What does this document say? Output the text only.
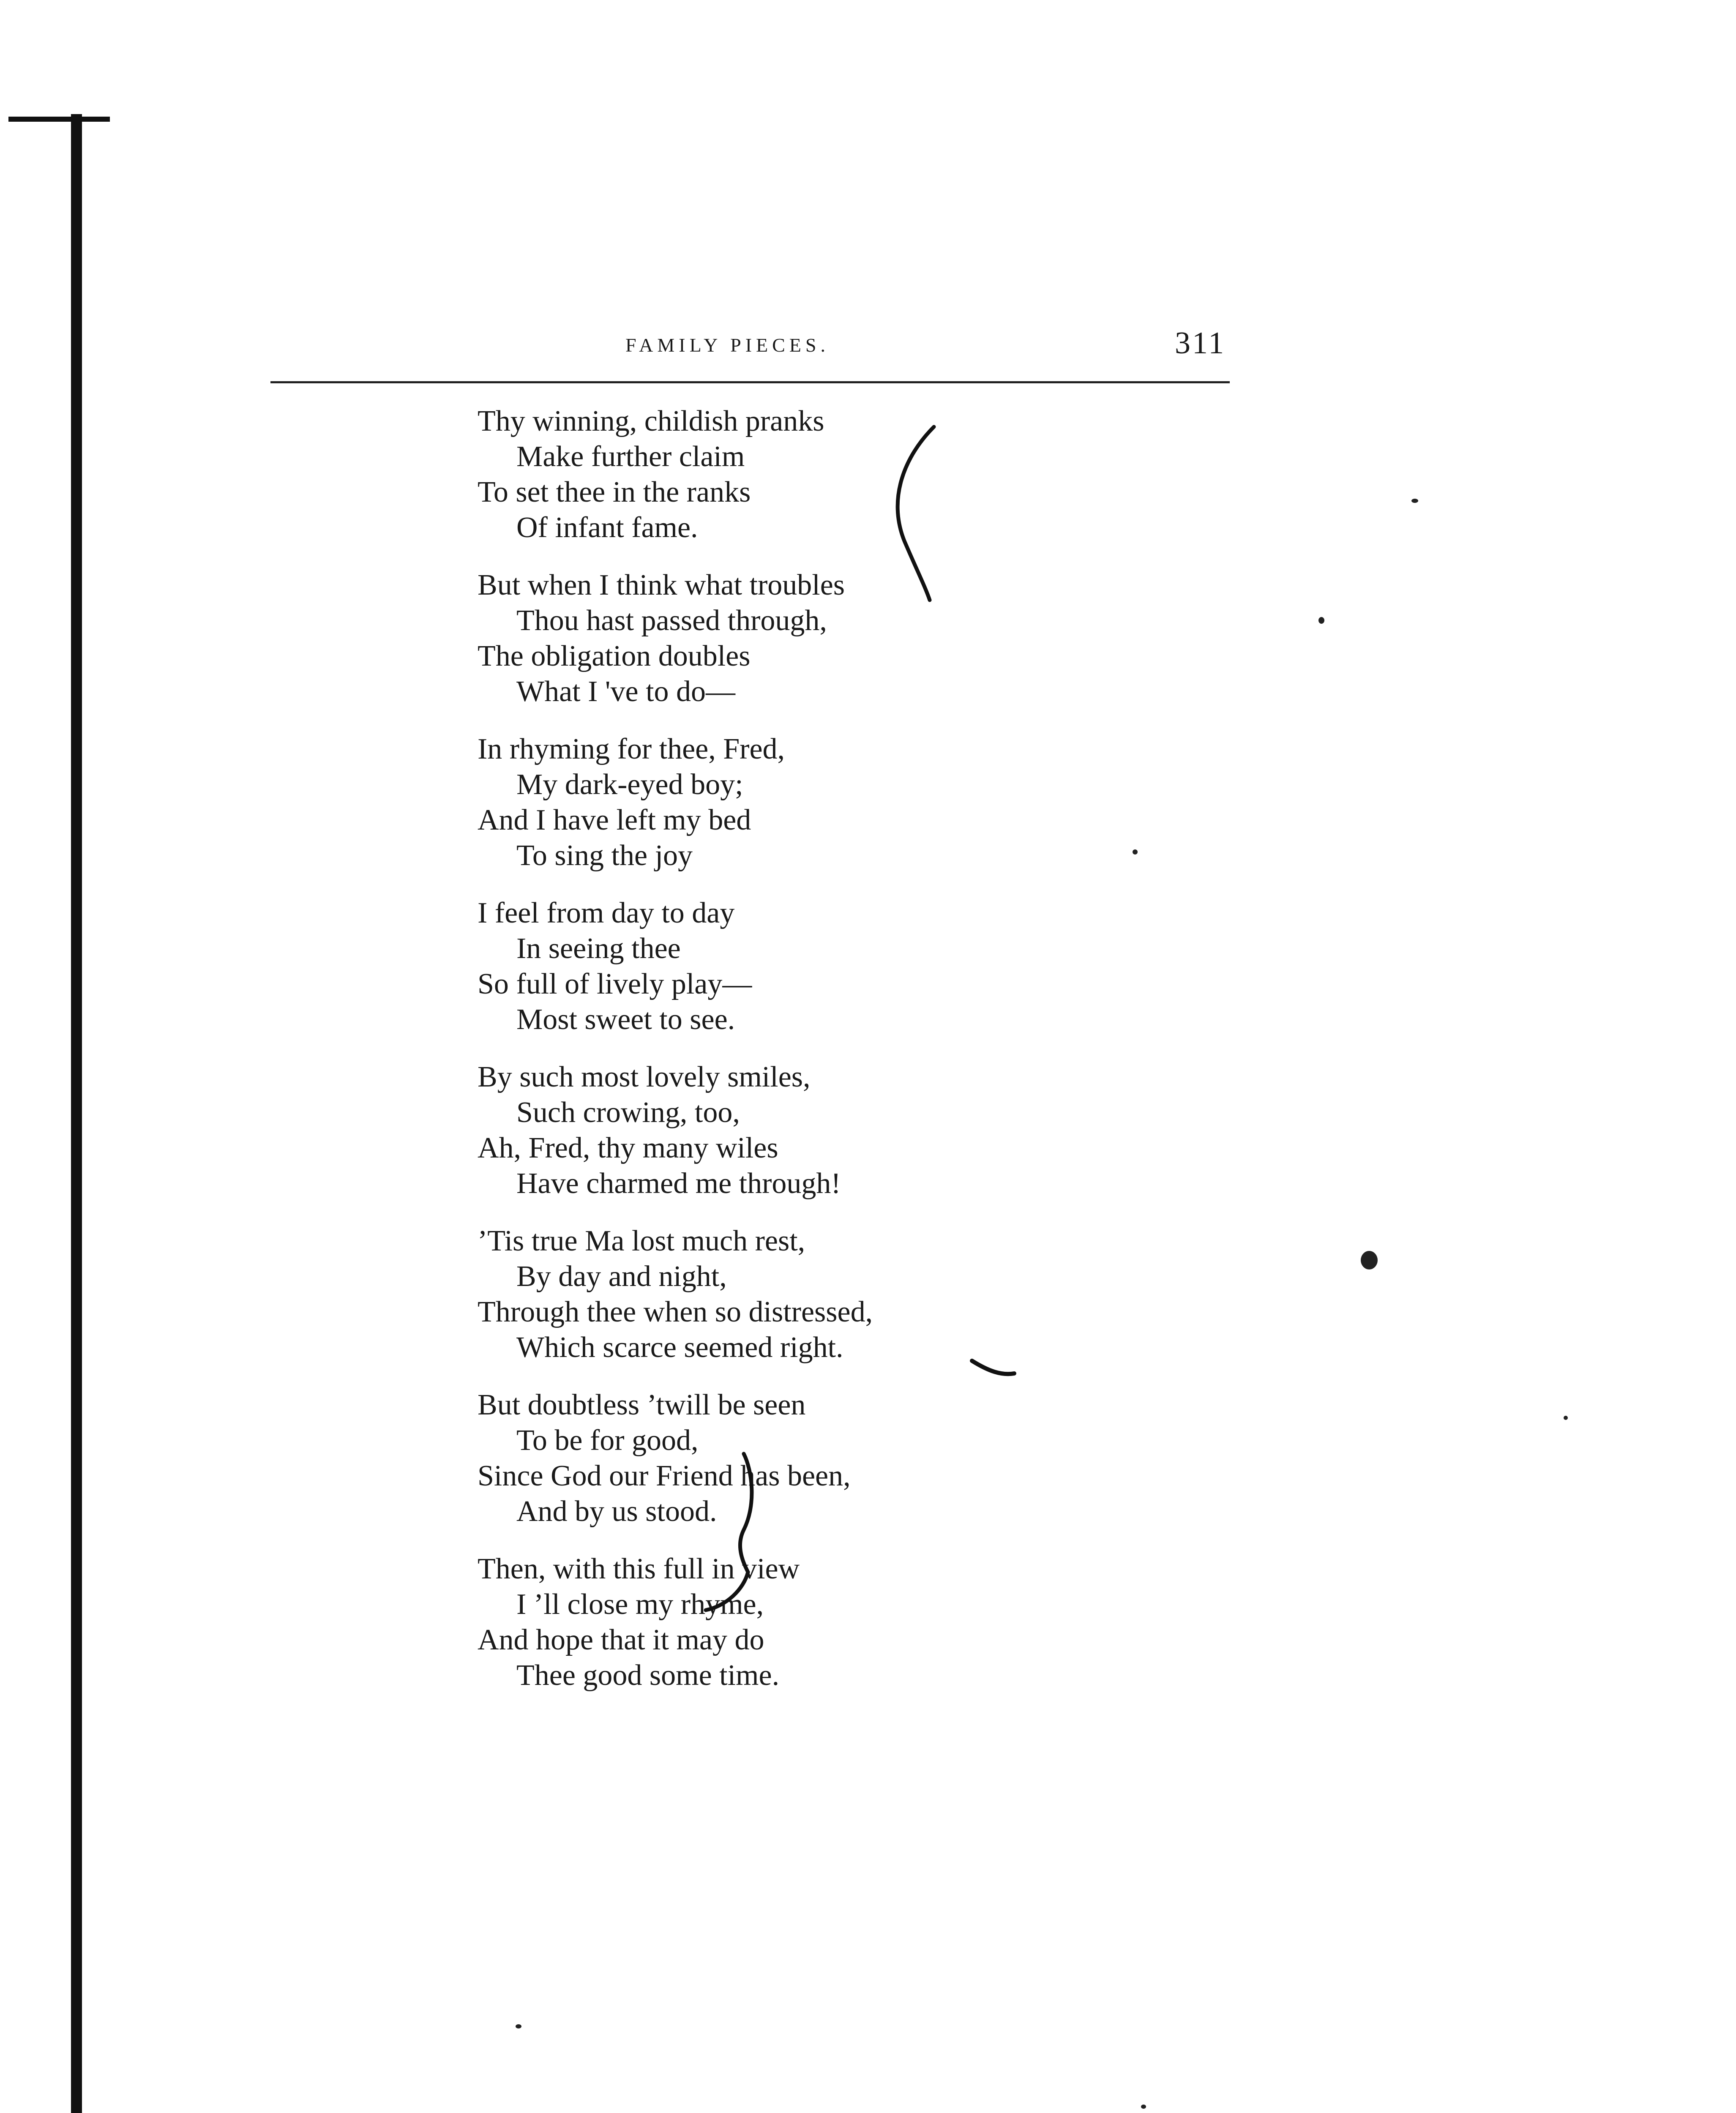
FAMILY PIECES.	311
Thy winning, childish pranks
Make further claim
To set thee in the ranks
Of infant fame.
But when I think what troubles
Thou hast passed through,
The obligation doubles
What I 've to do—
In rhyming for thee, Fred,
My dark-eyed boy;
And I have left my bed
To sing the joy
I feel from day to day
In seeing thee
So full of lively play—
Most sweet to see.
By such most lovely smiles,
Such crowing, too,
Ah, Fred, thy many wiles
Have charmed me through!
’Tis true Ma lost much rest,
By day and night,
Through thee when so distressed,
Which scarce seemed right.
But doubtless ’twill be seen
To be for good,
Since God our Friend has been,
And by us stood.
Then, with this full in view
I ’ll close my rhyme,
And hope that it may do
Thee good some time.
